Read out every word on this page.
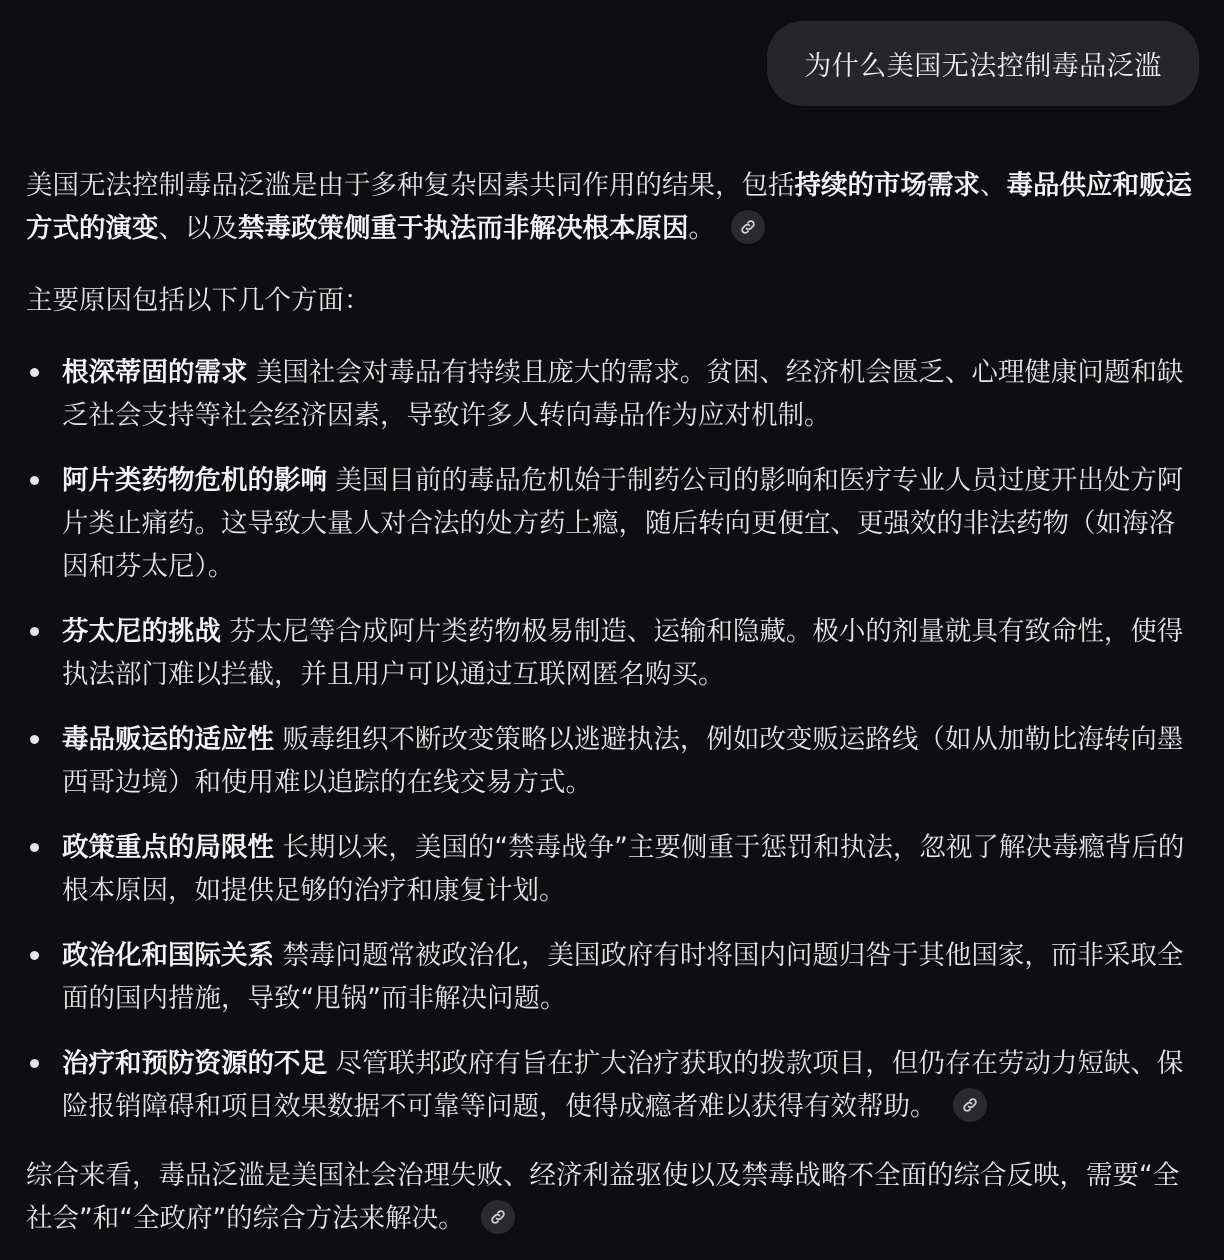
为什么美国无法控制毒品泛滥

美国无法控制毒品泛滥是由于多种复杂因素共同作用的结果，包括持续的市场需求、毒品供应和贩运方式的演变、以及禁毒政策侧重于执法而非解决根本原因。

主要原因包括以下几个方面：

根深蒂固的需求 美国社会对毒品有持续且庞大的需求。贫困、经济机会匮乏、心理健康问题和缺乏社会支持等社会经济因素，导致许多人转向毒品作为应对机制。
阿片类药物危机的影响 美国目前的毒品危机始于制药公司的影响和医疗专业人员过度开出处方阿片类止痛药。这导致大量人对合法的处方药上瘾，随后转向更便宜、更强效的非法药物（如海洛因和芬太尼）。
芬太尼的挑战 芬太尼等合成阿片类药物极易制造、运输和隐藏。极小的剂量就具有致命性，使得执法部门难以拦截，并且用户可以通过互联网匿名购买。
毒品贩运的适应性 贩毒组织不断改变策略以逃避执法，例如改变贩运路线（如从加勒比海转向墨西哥边境）和使用难以追踪的在线交易方式。
政策重点的局限性 长期以来，美国的“禁毒战争”主要侧重于惩罚和执法，忽视了解决毒瘾背后的根本原因，如提供足够的治疗和康复计划。
政治化和国际关系 禁毒问题常被政治化，美国政府有时将国内问题归咎于其他国家，而非采取全面的国内措施，导致“甩锅”而非解决问题。
治疗和预防资源的不足 尽管联邦政府有旨在扩大治疗获取的拨款项目，但仍存在劳动力短缺、保险报销障碍和项目效果数据不可靠等问题，使得成瘾者难以获得有效帮助。

综合来看，毒品泛滥是美国社会治理失败、经济利益驱使以及禁毒战略不全面的综合反映，需要“全社会”和“全政府”的综合方法来解决。
